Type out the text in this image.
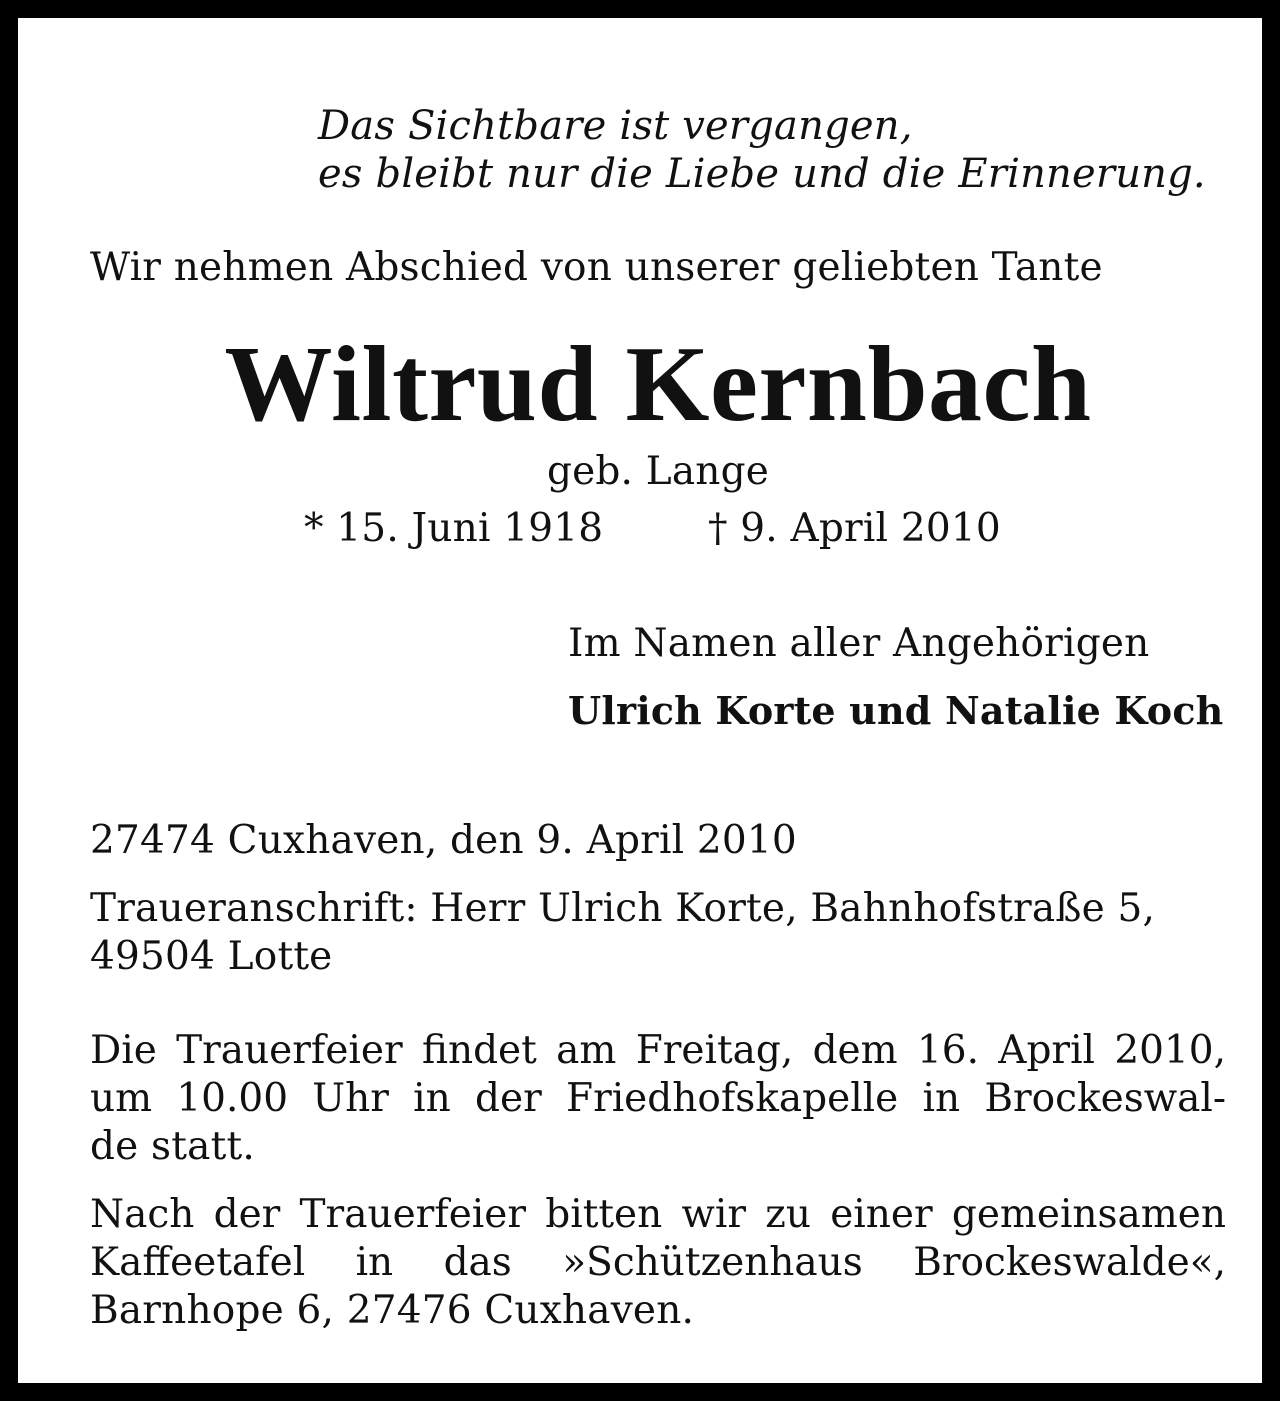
Das Sichtbare ist vergangen,

es bleibt nur die Liebe und die Erinnerung.

Wir nehmen Abschied von unserer geliebten Tante

Wiltrud Kernbach

geb. Lange

* 15. Juni 1918	† 9. April 2010

Im Namen aller Angehörigen

Ulrich Korte und Natalie Koch

27474 Cuxhaven, den 9. April 2010

Traueranschrift: Herr Ulrich Korte, Bahnhofstraße 5,

49504 Lotte

Die Trauerfeier findet am Freitag, dem 16. April 2010,

um 10.00 Uhr in der Friedhofskapelle in Brockeswal-

de statt.

Nach der Trauerfeier bitten wir zu einer gemeinsamen

Kaffeetafel in das »Schützenhaus Brockeswalde«,

Barnhope 6, 27476 Cuxhaven.
